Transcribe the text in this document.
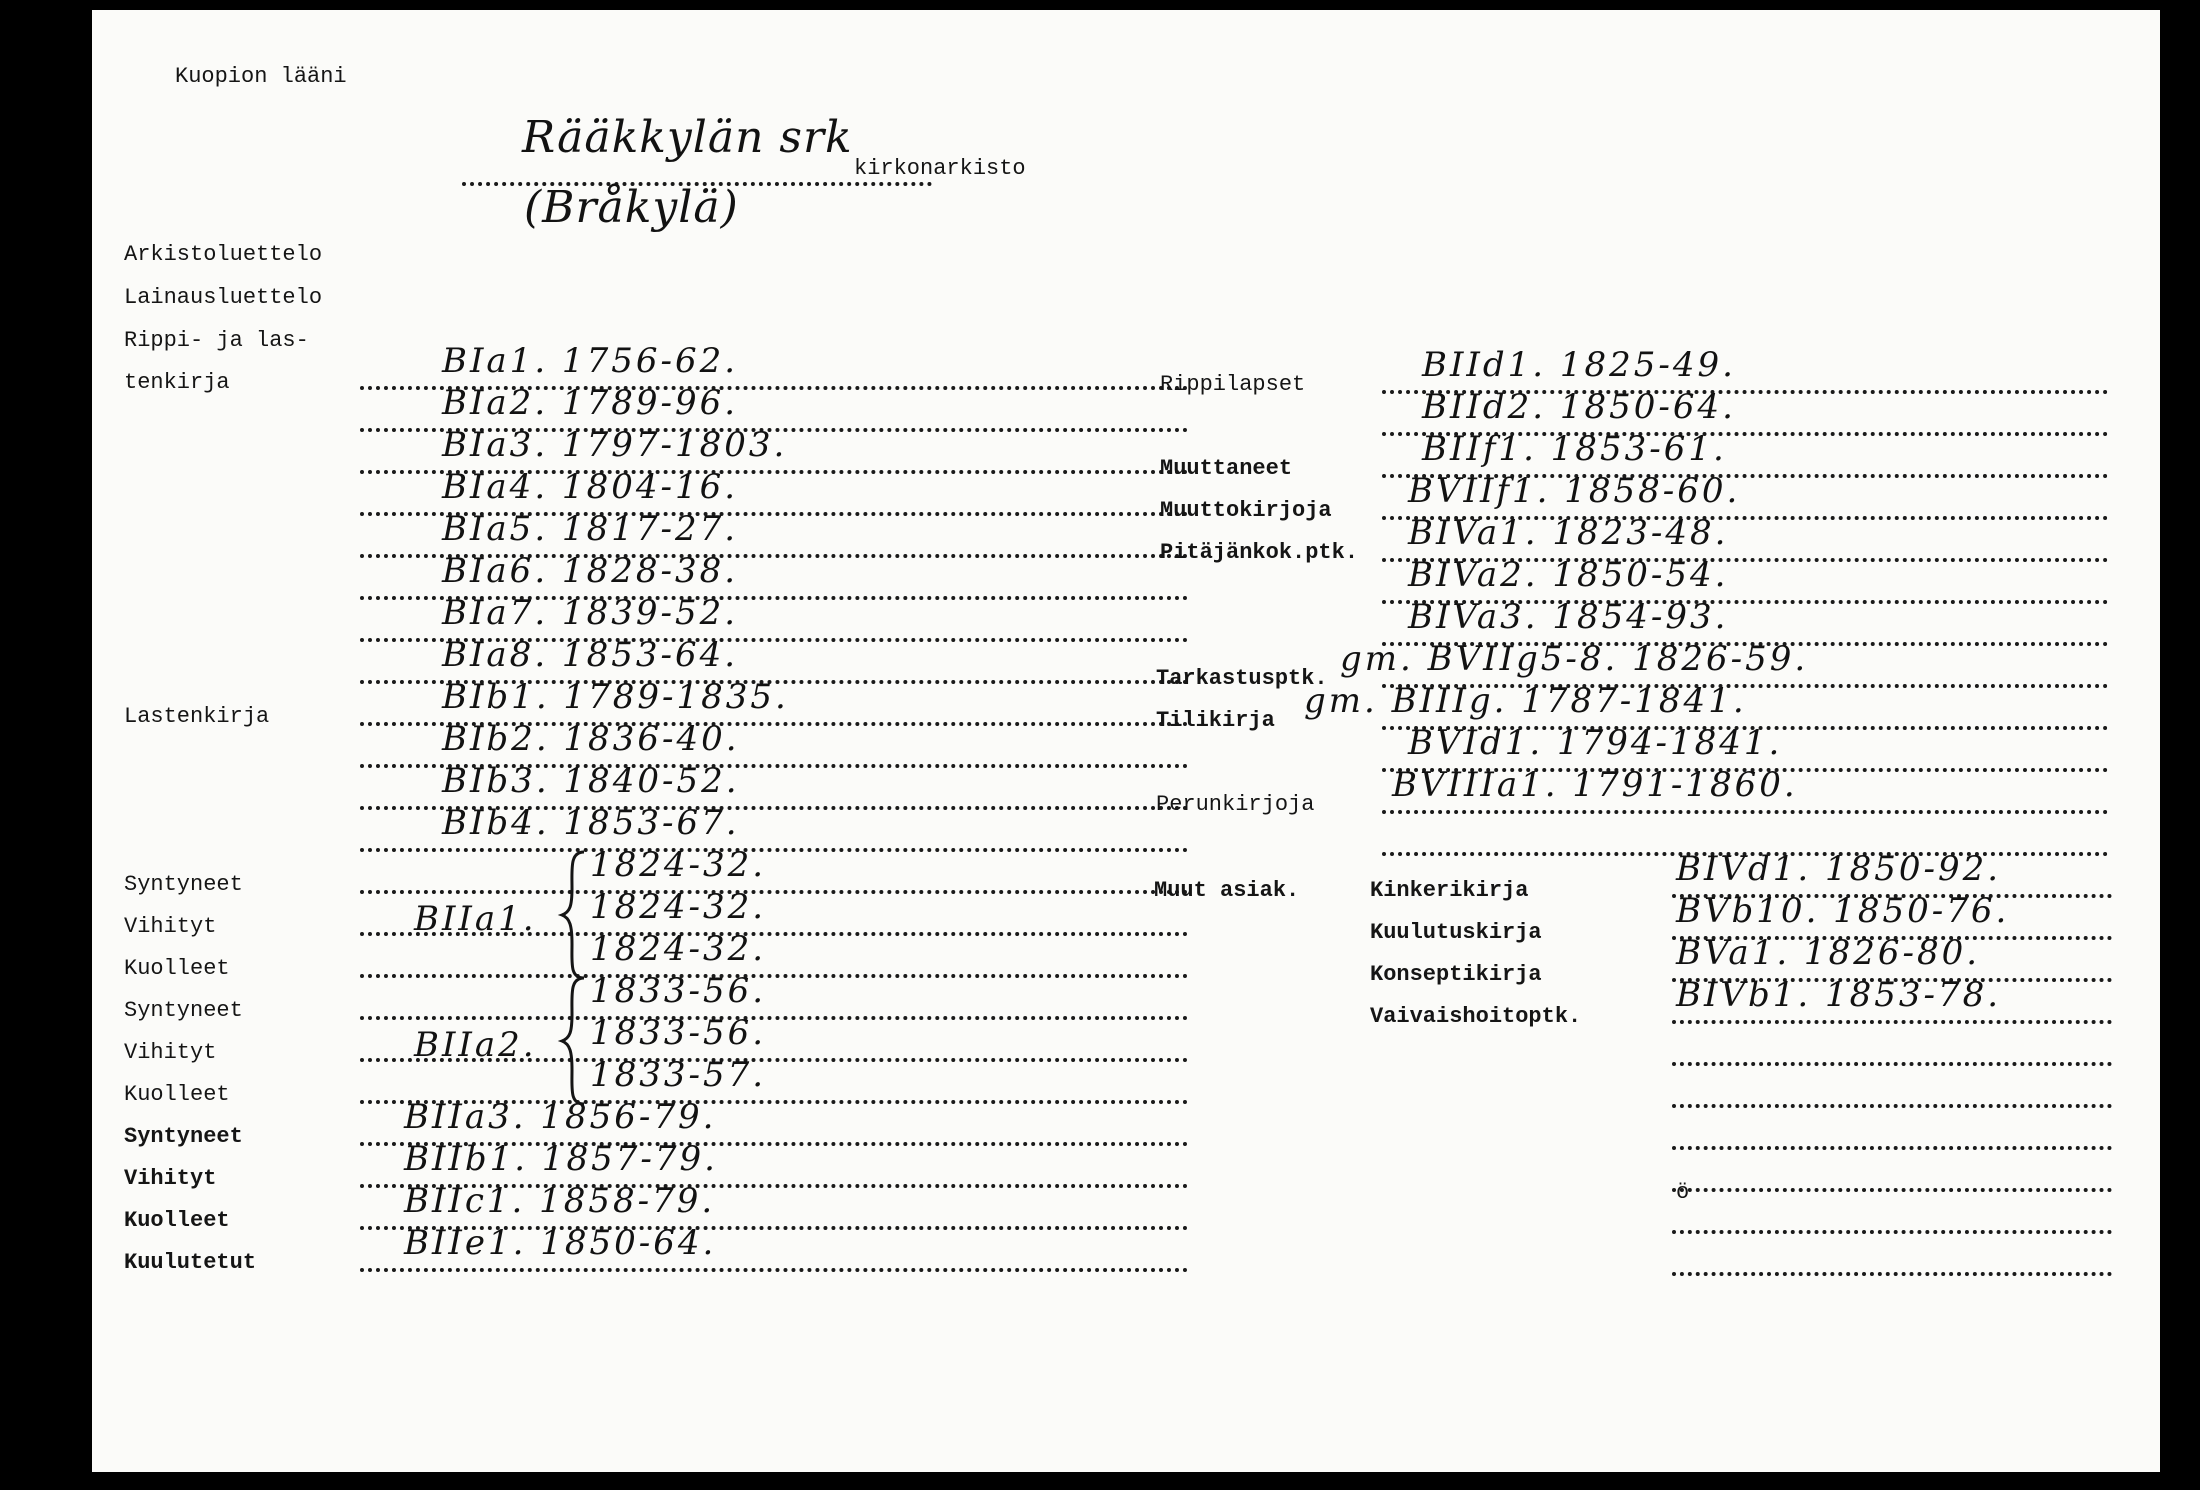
Kuopion lääni
Rääkkylän srk
kirkonarkisto
(Bråkylä)
Arkistoluettelo
Lainausluettelo
Rippi- ja las-
tenkirja
Lastenkirja
Syntyneet
Vihityt
Kuolleet
Syntyneet
Vihityt
Kuolleet
Syntyneet
Vihityt
Kuolleet
Kuulutetut
BIa1. 1756-62.
BIa2. 1789-96.
BIa3. 1797-1803.
BIa4. 1804-16.
BIa5. 1817-27.
BIa6. 1828-38.
BIa7. 1839-52.
BIa8. 1853-64.
BIb1. 1789-1835.
BIb2. 1836-40.
BIb3. 1840-52.
BIb4. 1853-67.
BIIa1.
1824-32.
1824-32.
1824-32.
BIIa2.
1833-56.
1833-56.
1833-57.
BIIa3. 1856-79.
BIIb1. 1857-79.
BIIc1. 1858-79.
BIIe1. 1850-64.
Rippilapset
Muuttaneet
Muuttokirjoja
Pitäjänkok.ptk.
Tarkastusptk.
Tilikirja
Perunkirjoja
Muut asiak.	Kinkerikirja
Kuulutuskirja
Konseptikirja
Vaivaishoitoptk.
ö
BIId1. 1825-49.
BIId2. 1850-64.
BIIf1. 1853-61.
BVIIf1. 1858-60.
BIVa1. 1823-48.
BIVa2. 1850-54.
BIVa3. 1854-93.
gm. BVIIg5-8. 1826-59.
gm. BIIIg. 1787-1841.
BVId1. 1794-1841.
BVIIIa1. 1791-1860.
BIVd1. 1850-92.
BVb10. 1850-76.
BVa1. 1826-80.
BIVb1. 1853-78.
